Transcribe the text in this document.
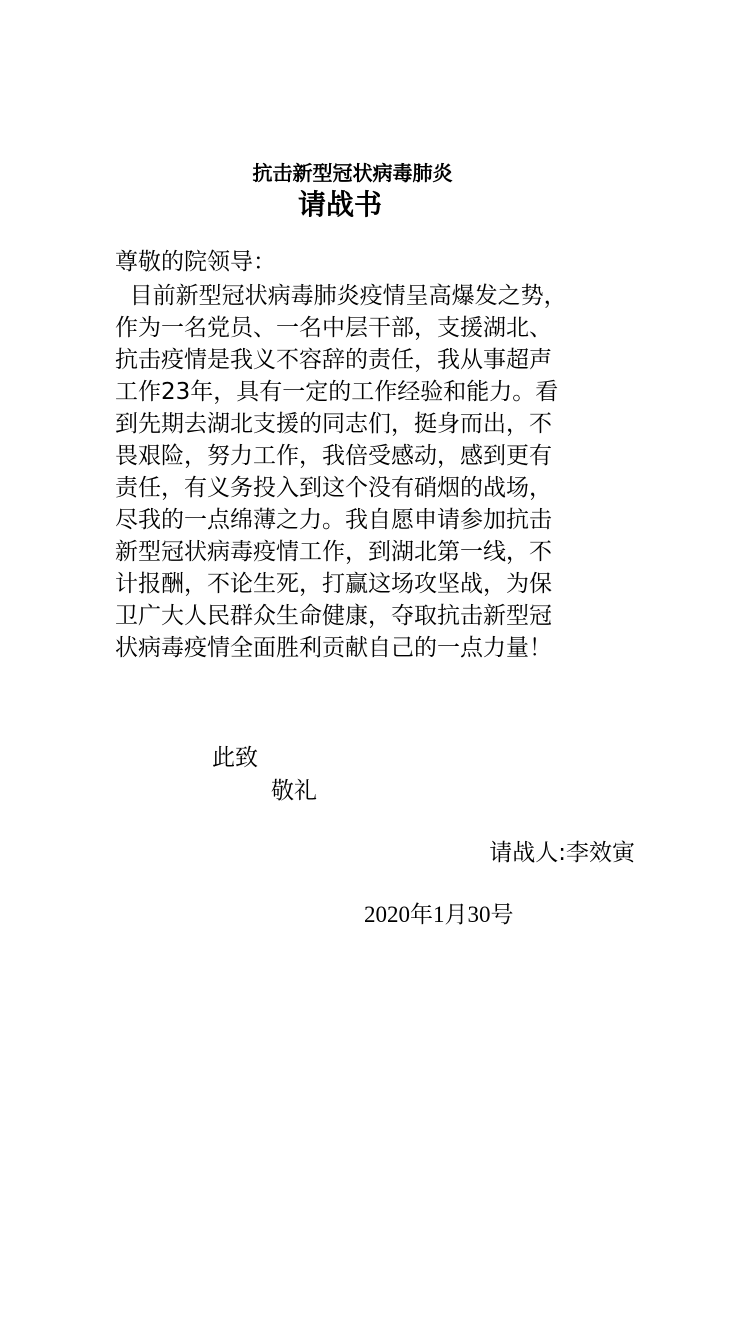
抗击新型冠状病毒肺炎
请战书
尊敬的院领导：
目前新型冠状病毒肺炎疫情呈高爆发之势，
作为一名党员、一名中层干部，支援湖北、
抗击疫情是我义不容辞的责任，我从事超声
工作23年，具有一定的工作经验和能力。看
到先期去湖北支援的同志们，挺身而出，不
畏艰险，努力工作，我倍受感动，感到更有
责任，有义务投入到这个没有硝烟的战场，
尽我的一点绵薄之力。我自愿申请参加抗击
新型冠状病毒疫情工作，到湖北第一线，不
计报酬，不论生死，打赢这场攻坚战，为保
卫广大人民群众生命健康，夺取抗击新型冠
状病毒疫情全面胜利贡献自己的一点力量！
此致
敬礼
请战人:李效寅
2020年1月30号
